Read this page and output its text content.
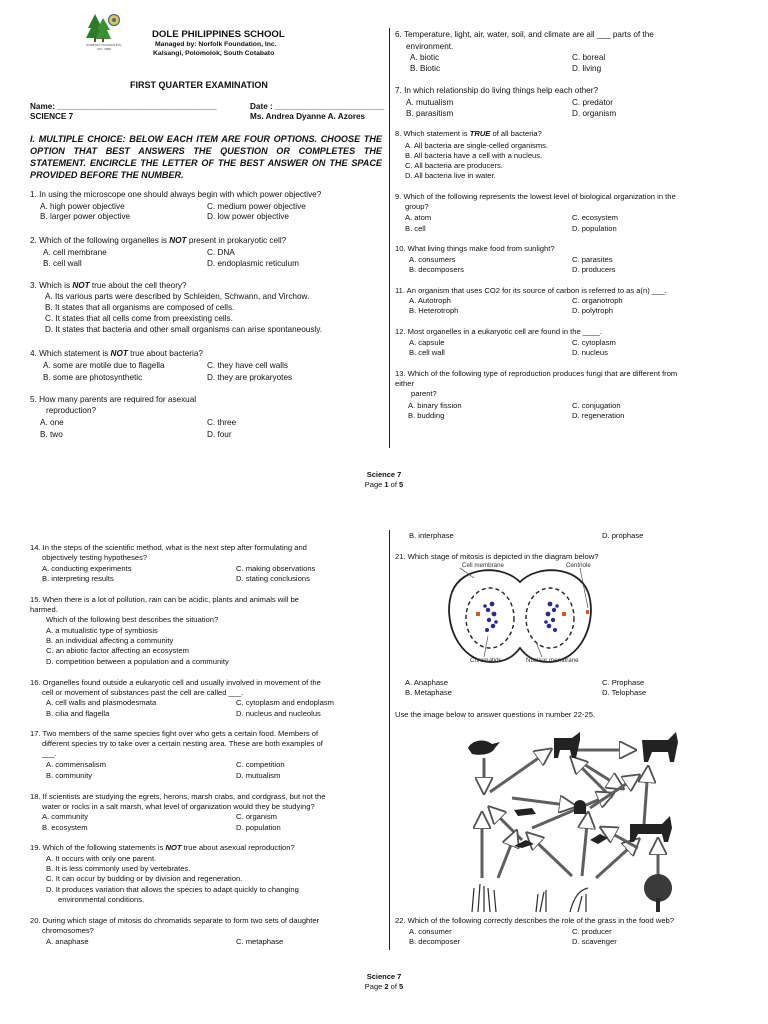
NORFOLK FOUNDATION, INC. 1958
DOLE PHILIPPINES SCHOOL
Managed by: Norfolk Foundation, Inc.
Kalsangi, Polomolok, South Cotabato
FIRST QUARTER EXAMINATION
Name: ___________________________________	Date : ________________________
SCIENCE 7	Ms. Andrea Dyanne A. Azores
I. MULTIPLE CHOICE: BELOW EACH ITEM ARE FOUR OPTIONS. CHOOSE THE OPTION THAT BEST ANSWERS THE QUESTION OR COMPLETES THE STATEMENT. ENCIRCLE THE LETTER OF THE BEST ANSWER ON THE SPACE PROVIDED BEFORE THE NUMBER.
1. In using the microscope one should always begin with which power objective?
A. high power objective
B. larger power objective
C. medium power objective
D. low power objective
2. Which of the following organelles is NOT present in prokaryotic cell?
A. cell membrane
B. cell wall
C. DNA
D. endoplasmic reticulum
3. Which is NOT true about the cell theory?
A. Its various parts were described by Schleiden, Schwann, and Virchow.
B. It states that all organisms are composed of cells.
C. It states that all cells come from preexisting cells.
D. It states that bacteria and other small organisms can arise spontaneously.
4. Which statement is NOT true about bacteria?
A. some are motile due to flagella
B. some are photosynthetic
C. they have cell walls
D. they are prokaryotes
5. How many parents are required for asexual
reproduction?
A. one
B. two
C. three
D. four
6. Temperature, light, air, water, soil, and climate are all ___ parts of the
environment.
A. biotic
B. Biotic
C. boreal
D. living
7. In which relationship do living things help each other?
A. mutualism
B. parasitism
C. predator
D. organism
8. Which statement is TRUE of all bacteria?
A. All bacteria are single-celled organisms.
B. All bacteria have a cell with a nucleus.
C. All bacteria are producers.
D. All bacteria live in water.
9. Which of the following represents the lowest level of biological organization in the
group?
A. atom
B. cell
C. ecosystem
D. population
10. What living things make food from sunlight?
A. consumers
B. decomposers
C. parasites
D. producers
11. An organism that uses CO2 for its source of carbon is referred to as a(n) ___.
A. Autotroph
B. Heterotroph
C. organotroph
D. polytroph
12. Most organelles in a eukaryotic cell are found in the ____.
A. capsule
B. cell wall
C. cytoplasm
D. nucleus
13. Which of the following type of reproduction produces fungi that are different from
either
parent?
A. binary fission
B. budding
C. conjugation
D. regeneration
Science 7
Page 1 of 5
14. In the steps of the scientific method, what is the next step after formulating and
objectively testing hypotheses?
A. conducting experiments
B. interpreting results
C. making observations
D. stating conclusions
15. When there is a lot of pollution, rain can be acidic, plants and animals will be
harmed.
Which of the following best describes the situation?
A. a mutualistic type of symbiosis
B. an individual affecting a community
C. an abiotic factor affecting an ecosystem
D. competition between a population and a community
16. Organelles found outside a eukaryotic cell and usually involved in movement of the
cell or movement of substances past the cell are called ___.
A. cell walls and plasmodesmata
B. cilia and flagella
C. cytoplasm and endoplasm
D. nucleus and nucleolus
17. Two members of the same species fight over who gets a certain food. Members of
different species try to take over a certain nesting area. These are both examples of
___.
A. commensalism
B. community
C. competition
D. mutualism
18. If scientists are studying the egrets, herons, marsh crabs, and cordgrass, but not the
water or rocks in a salt marsh, what level of organization would they be studying?
A. community
B. ecosystem
C. organism
D. population
19. Which of the following statements is NOT true about asexual reproduction?
A. It occurs with only one parent.
B. It is less commonly used by vertebrates.
C. It can occur by budding or by division and regeneration.
D. It produces variation that allows the species to adapt quickly to changing
environmental conditions.
20. During which stage of mitosis do chromatids separate to form two sets of daughter
chromosomes?
A. anaphase	C. metaphase
B. interphase	D. prophase
21. Which stage of mitosis is depicted in the diagram below?
Cell membrane	Centriole
Chromatids	Nuclear membrane
A. Anaphase
B. Metaphase
C. Prophase
D. Telophase
Use the image below to answer questions in number 22-25.
22. Which of the following correctly describes the role of the grass in the food web?
A. consumer
B. decomposer
C. producer
D. scavenger
Science 7
Page 2 of 5
